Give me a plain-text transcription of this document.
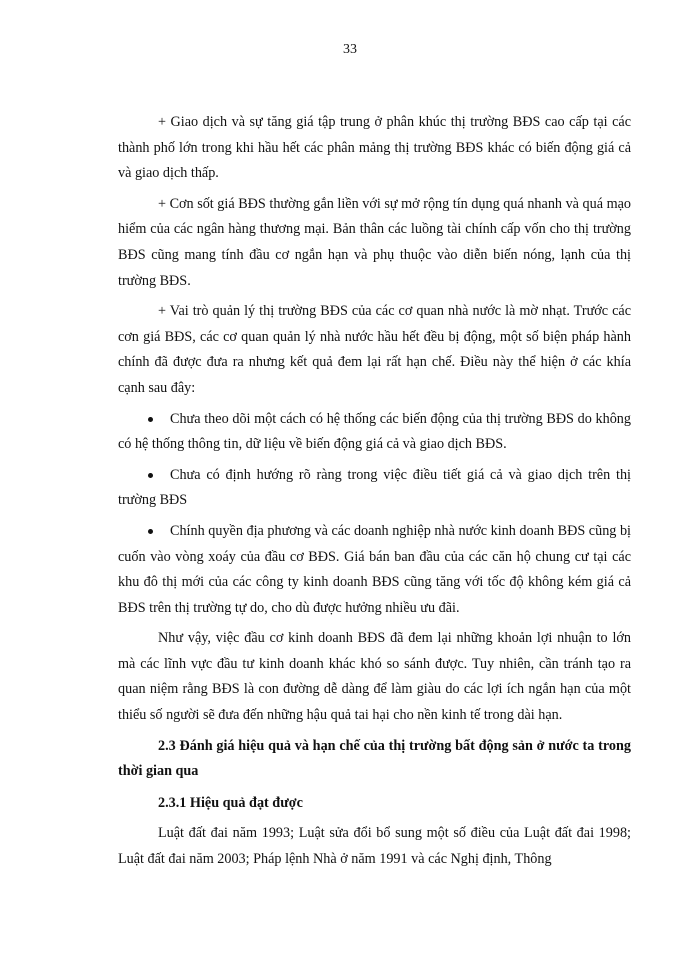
33

+ Giao dịch và sự tăng giá tập trung ở phân khúc thị trường BĐS cao cấp tại các thành phố lớn trong khi hầu hết các phân mảng thị trường BĐS khác có biến động giá cả và giao dịch thấp.

+ Cơn sốt giá BĐS thường gắn liền với sự mở rộng tín dụng quá nhanh và quá mạo hiểm của các ngân hàng thương mại. Bản thân các luồng tài chính cấp vốn cho thị trường BĐS cũng mang tính đầu cơ ngắn hạn và phụ thuộc vào diễn biến nóng, lạnh của thị trường BĐS.

+ Vai trò quản lý thị trường BĐS của các cơ quan nhà nước là mờ nhạt. Trước các cơn giá BĐS, các cơ quan quản lý nhà nước hầu hết đều bị động, một số biện pháp hành chính đã được đưa ra nhưng kết quả đem lại rất hạn chế. Điều này thể hiện ở các khía cạnh sau đây:

Chưa theo dõi một cách có hệ thống các biến động của thị trường BĐS do không có hệ thống thông tin, dữ liệu về biến động giá cả và giao dịch BĐS.

Chưa có định hướng rõ ràng trong việc điều tiết giá cả và giao dịch trên thị trường BĐS

Chính quyền địa phương và các doanh nghiệp nhà nước kinh doanh BĐS cũng bị cuốn vào vòng xoáy của đầu cơ BĐS. Giá bán ban đầu của các căn hộ chung cư tại các khu đô thị mới của các công ty kinh doanh BĐS cũng tăng với tốc độ không kém giá cả BĐS trên thị trường tự do, cho dù được hưởng nhiều ưu đãi.

Như vậy, việc đầu cơ kinh doanh BĐS đã đem lại những khoản lợi nhuận to lớn mà các lĩnh vực đầu tư kinh doanh khác khó so sánh được. Tuy nhiên, cần tránh tạo ra quan niệm rằng BĐS là con đường dễ dàng để làm giàu do các lợi ích ngắn hạn của một thiểu số người sẽ đưa đến những hậu quả tai hại cho nền kinh tế trong dài hạn.

2.3 Đánh giá hiệu quả và hạn chế của thị trường bất động sản ở nước ta trong thời gian qua

2.3.1 Hiệu quả đạt được

Luật đất đai năm 1993; Luật sửa đổi bổ sung một số điều của Luật đất đai 1998; Luật đất đai năm 2003; Pháp lệnh Nhà ở năm 1991 và các Nghị định, Thông
